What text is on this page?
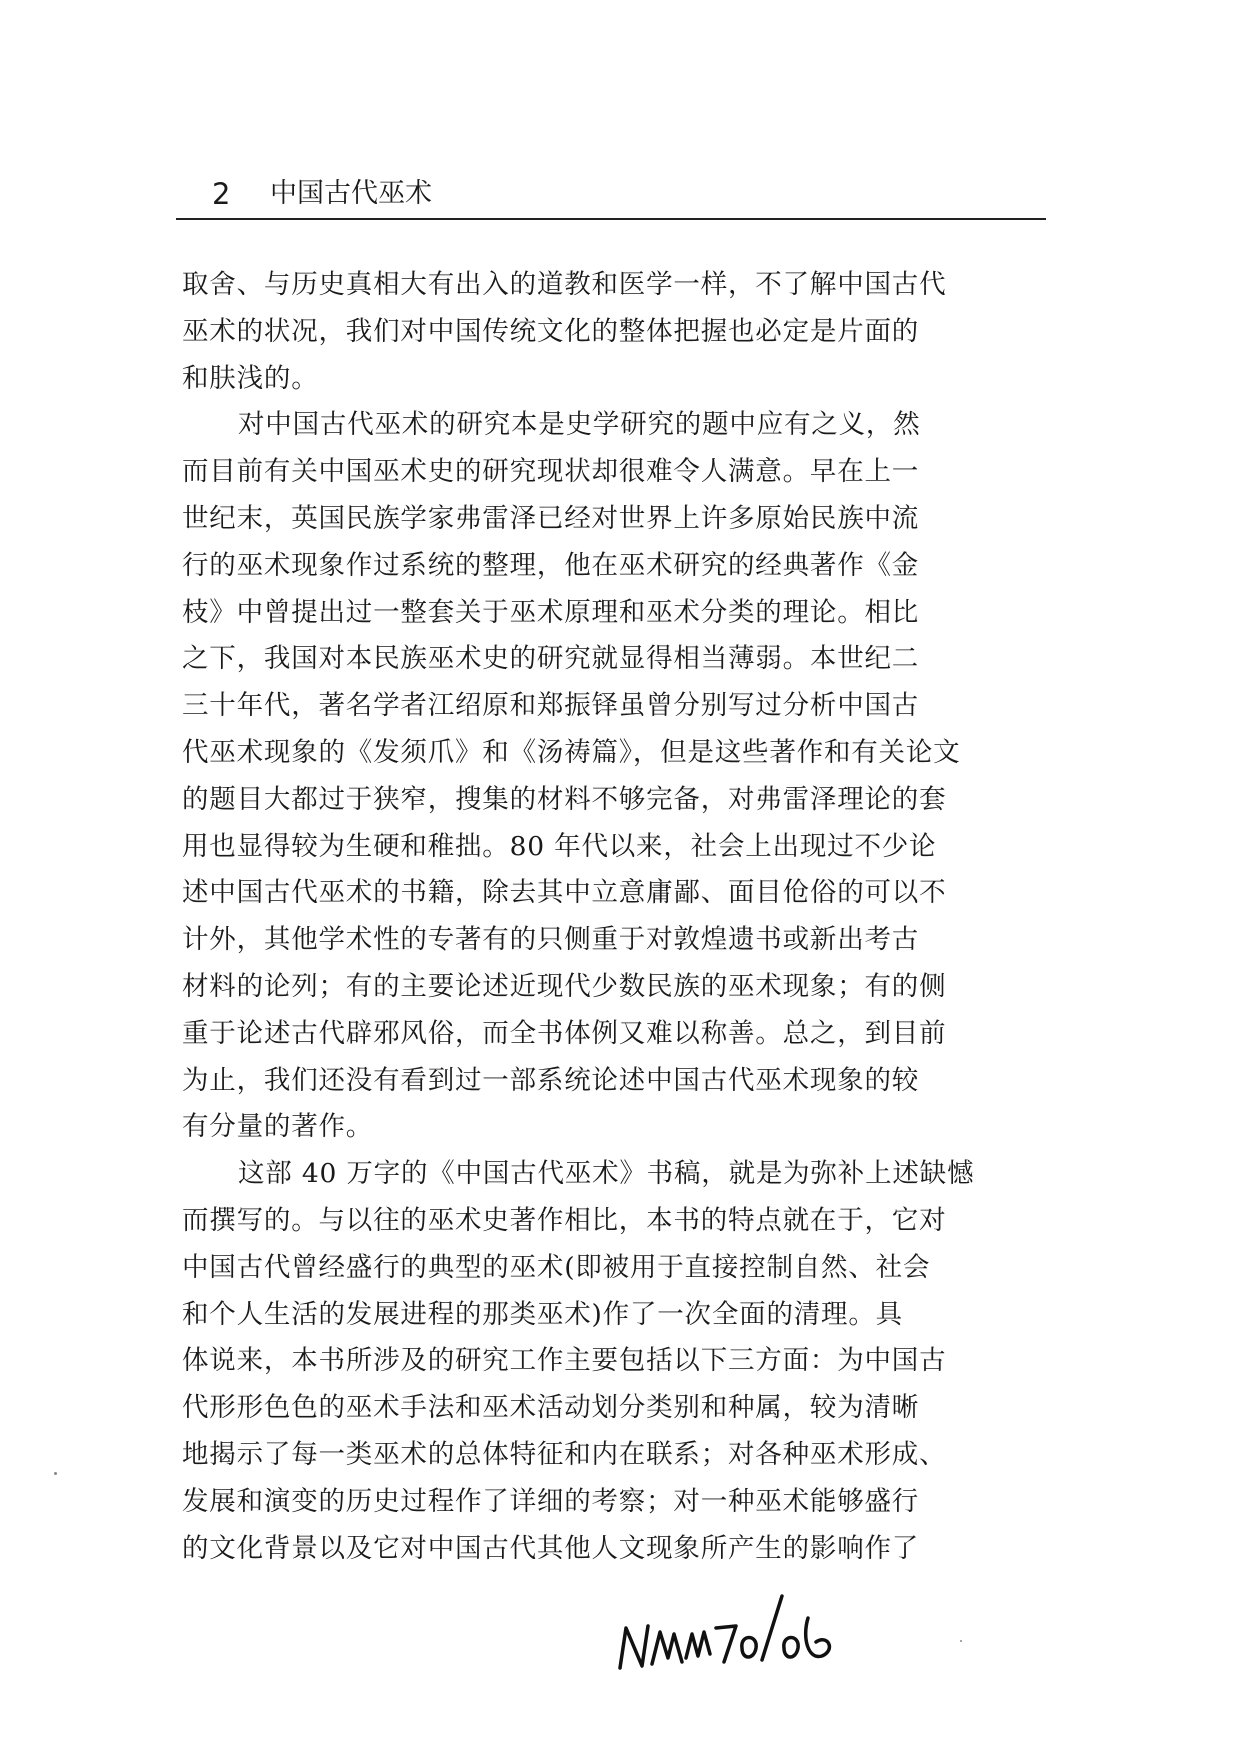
2 中国古代巫术
取舍、与历史真相大有出入的道教和医学一样，不了解中国古代
巫术的状况，我们对中国传统文化的整体把握也必定是片面的
和肤浅的。
对中国古代巫术的研究本是史学研究的题中应有之义，然
而目前有关中国巫术史的研究现状却很难令人满意。早在上一
世纪末，英国民族学家弗雷泽已经对世界上许多原始民族中流
行的巫术现象作过系统的整理，他在巫术研究的经典著作《金
枝》中曾提出过一整套关于巫术原理和巫术分类的理论。相比
之下，我国对本民族巫术史的研究就显得相当薄弱。本世纪二
三十年代，著名学者江绍原和郑振铎虽曾分别写过分析中国古
代巫术现象的《发须爪》和《汤祷篇》，但是这些著作和有关论文
的题目大都过于狭窄，搜集的材料不够完备，对弗雷泽理论的套
用也显得较为生硬和稚拙。80 年代以来，社会上出现过不少论
述中国古代巫术的书籍，除去其中立意庸鄙、面目伧俗的可以不
计外，其他学术性的专著有的只侧重于对敦煌遗书或新出考古
材料的论列；有的主要论述近现代少数民族的巫术现象；有的侧
重于论述古代辟邪风俗，而全书体例又难以称善。总之，到目前
为止，我们还没有看到过一部系统论述中国古代巫术现象的较
有分量的著作。
这部 40 万字的《中国古代巫术》书稿，就是为弥补上述缺憾
而撰写的。与以往的巫术史著作相比，本书的特点就在于，它对
中国古代曾经盛行的典型的巫术(即被用于直接控制自然、社会
和个人生活的发展进程的那类巫术)作了一次全面的清理。具
体说来，本书所涉及的研究工作主要包括以下三方面：为中国古
代形形色色的巫术手法和巫术活动划分类别和种属，较为清晰
地揭示了每一类巫术的总体特征和内在联系；对各种巫术形成、
发展和演变的历史过程作了详细的考察；对一种巫术能够盛行
的文化背景以及它对中国古代其他人文现象所产生的影响作了
